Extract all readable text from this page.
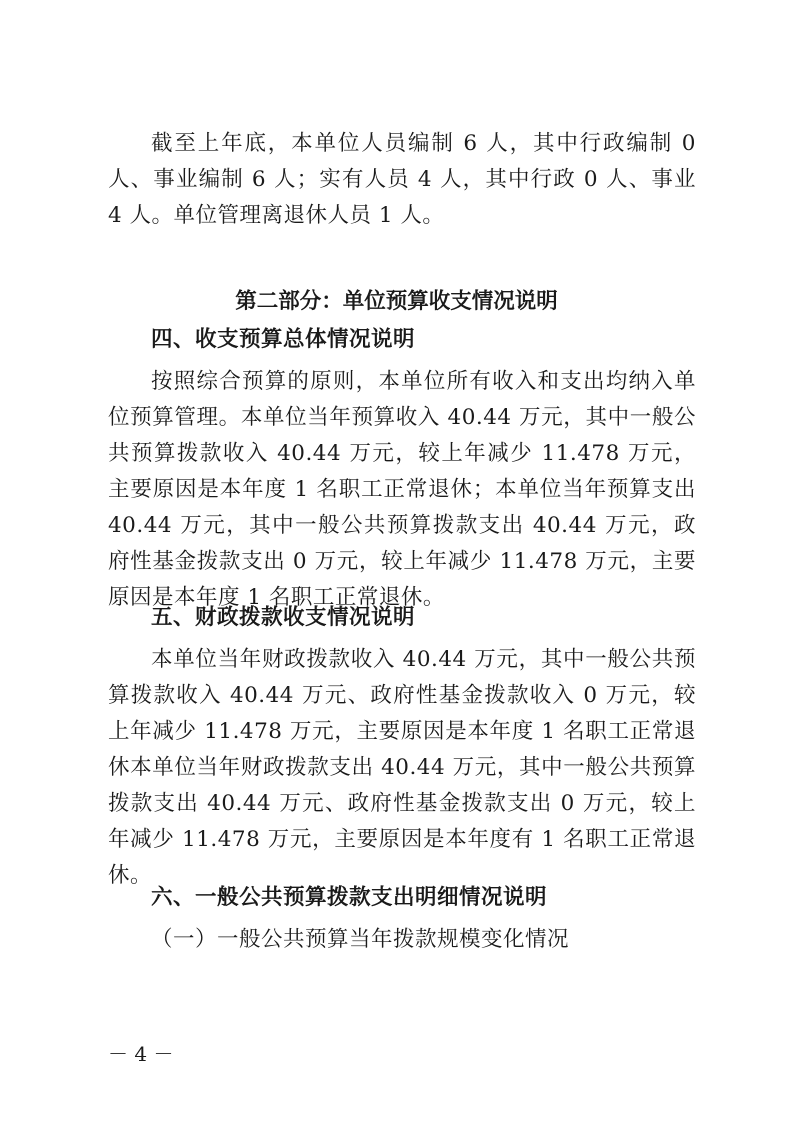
截至上年底，本单位人员编制 6 人，其中行政编制 0 人、事业编制 6 人；实有人员 4 人，其中行政 0 人、事业 4 人。单位管理离退休人员 1 人。

第二部分：单位预算收支情况说明

四、收支预算总体情况说明

按照综合预算的原则，本单位所有收入和支出均纳入单位预算管理。本单位当年预算收入 40.44 万元，其中一般公共预算拨款收入 40.44 万元，较上年减少 11.478 万元，主要原因是本年度 1 名职工正常退休；本单位当年预算支出 40.44 万元，其中一般公共预算拨款支出 40.44 万元，政府性基金拨款支出 0 万元，较上年减少 11.478 万元，主要原因是本年度 1 名职工正常退休。

五、财政拨款收支情况说明

本单位当年财政拨款收入 40.44 万元，其中一般公共预算拨款收入 40.44 万元、政府性基金拨款收入 0 万元，较上年减少 11.478 万元，主要原因是本年度 1 名职工正常退休本单位当年财政拨款支出 40.44 万元，其中一般公共预算拨款支出 40.44 万元、政府性基金拨款支出 0 万元，较上年减少 11.478 万元，主要原因是本年度有 1 名职工正常退休。

六、一般公共预算拨款支出明细情况说明

（一）一般公共预算当年拨款规模变化情况

－ 4 －
